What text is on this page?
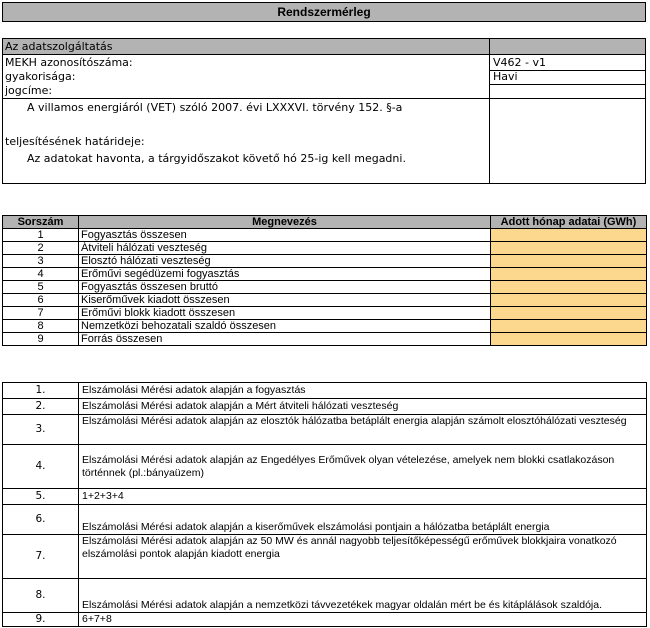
Rendszermérleg
Az adatszolgáltatás
MEKH azonosítószáma:	V462 - v1
gyakorisága:	Havi
jogcíme:
A villamos energiáról (VET) szóló 2007. évi LXXXVI. törvény 152. §-a
teljesítésének határideje:
Az adatokat havonta, a tárgyidőszakot követő hó 25-ig kell megadni.
Sorszám	Megnevezés	Adott hónap adatai (GWh)
1	Fogyasztás összesen	
2	Átviteli hálózati veszteség	
3	Elosztó hálózati veszteség	
4	Erőművi segédüzemi fogyasztás	
5	Fogyasztás összesen bruttó	
6	Kiserőművek kiadott összesen	
7	Erőművi blokk kiadott összesen	
8	Nemzetközi behozatali szaldó összesen	
9	Forrás összesen	
1.	Elszámolási Mérési adatok alapján a fogyasztás
2.	Elszámolási Mérési adatok alapján a Mért átviteli hálózati veszteség
3.	Elszámolási Mérési adatok alapján az elosztók hálózatba betáplált energia alapján számolt elosztóhálózati veszteség
4.	Elszámolási Mérési adatok alapján az Engedélyes Erőművek olyan vételezése, amelyek nem blokki csatlakozáson történnek (pl.:bányaüzem)
5.	1+2+3+4
6.	Elszámolási Mérési adatok alapján a kiserőművek elszámolási pontjain a hálózatba betáplált energia
7.	Elszámolási Mérési adatok alapján az 50 MW és annál nagyobb teljesítőképességű erőművek blokkjaira vonatkozó elszámolási pontok alapján kiadott energia
8.	Elszámolási Mérési adatok alapján a nemzetközi távvezetékek magyar oldalán mért be és kitáplálások szaldója.
9.	6+7+8
